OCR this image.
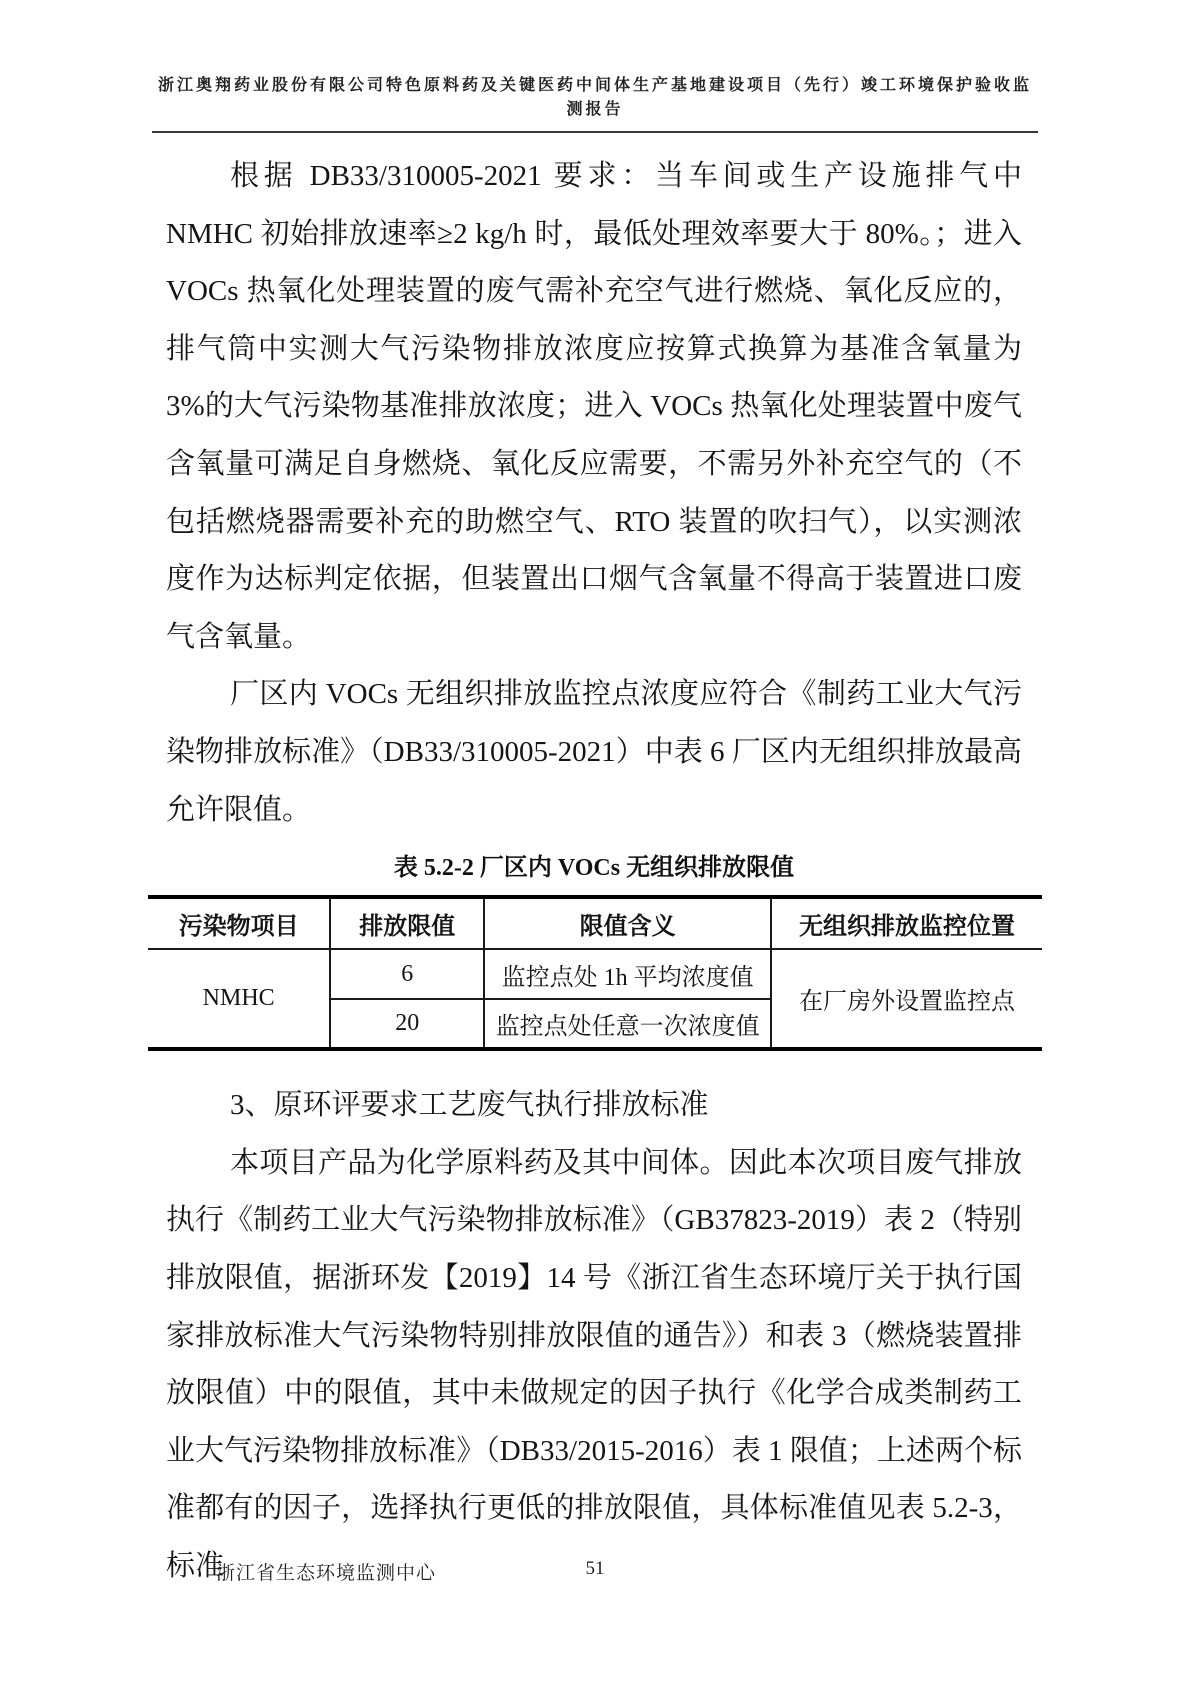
浙江奥翔药业股份有限公司特色原料药及关键医药中间体生产基地建设项目（先行）竣工环境保护验收监测报告

根据 DB33/310005-2021 要求：当车间或生产设施排气中 NMHC 初始排放速率≥2 kg/h 时，最低处理效率要大于 80%。；进入 VOCs 热氧化处理装置的废气需补充空气进行燃烧、氧化反应的，排气筒中实测大气污染物排放浓度应按算式换算为基准含氧量为 3%的大气污染物基准排放浓度；进入 VOCs 热氧化处理装置中废气含氧量可满足自身燃烧、氧化反应需要，不需另外补充空气的（不包括燃烧器需要补充的助燃空气、RTO 装置的吹扫气），以实测浓度作为达标判定依据，但装置出口烟气含氧量不得高于装置进口废气含氧量。

厂区内 VOCs 无组织排放监控点浓度应符合《制药工业大气污染物排放标准》（DB33/310005-2021）中表 6 厂区内无组织排放最高允许限值。

表 5.2-2 厂区内 VOCs 无组织排放限值
污染物项目	排放限值	限值含义	无组织排放监控位置
NMHC	6	监控点处 1h 平均浓度值	在厂房外设置监控点
	20	监控点处任意一次浓度值	
3、原环评要求工艺废气执行排放标准

本项目产品为化学原料药及其中间体。因此本次项目废气排放执行《制药工业大气污染物排放标准》（GB37823-2019）表 2（特别排放限值，据浙环发【2019】14 号《浙江省生态环境厅关于执行国家排放标准大气污染物特别排放限值的通告》）和表 3（燃烧装置排放限值）中的限值，其中未做规定的因子执行《化学合成类制药工业大气污染物排放标准》（DB33/2015-2016）表 1 限值；上述两个标准都有的因子，选择执行更低的排放限值，具体标准值见表 5.2-3，标准

浙江省生态环境监测中心	51
